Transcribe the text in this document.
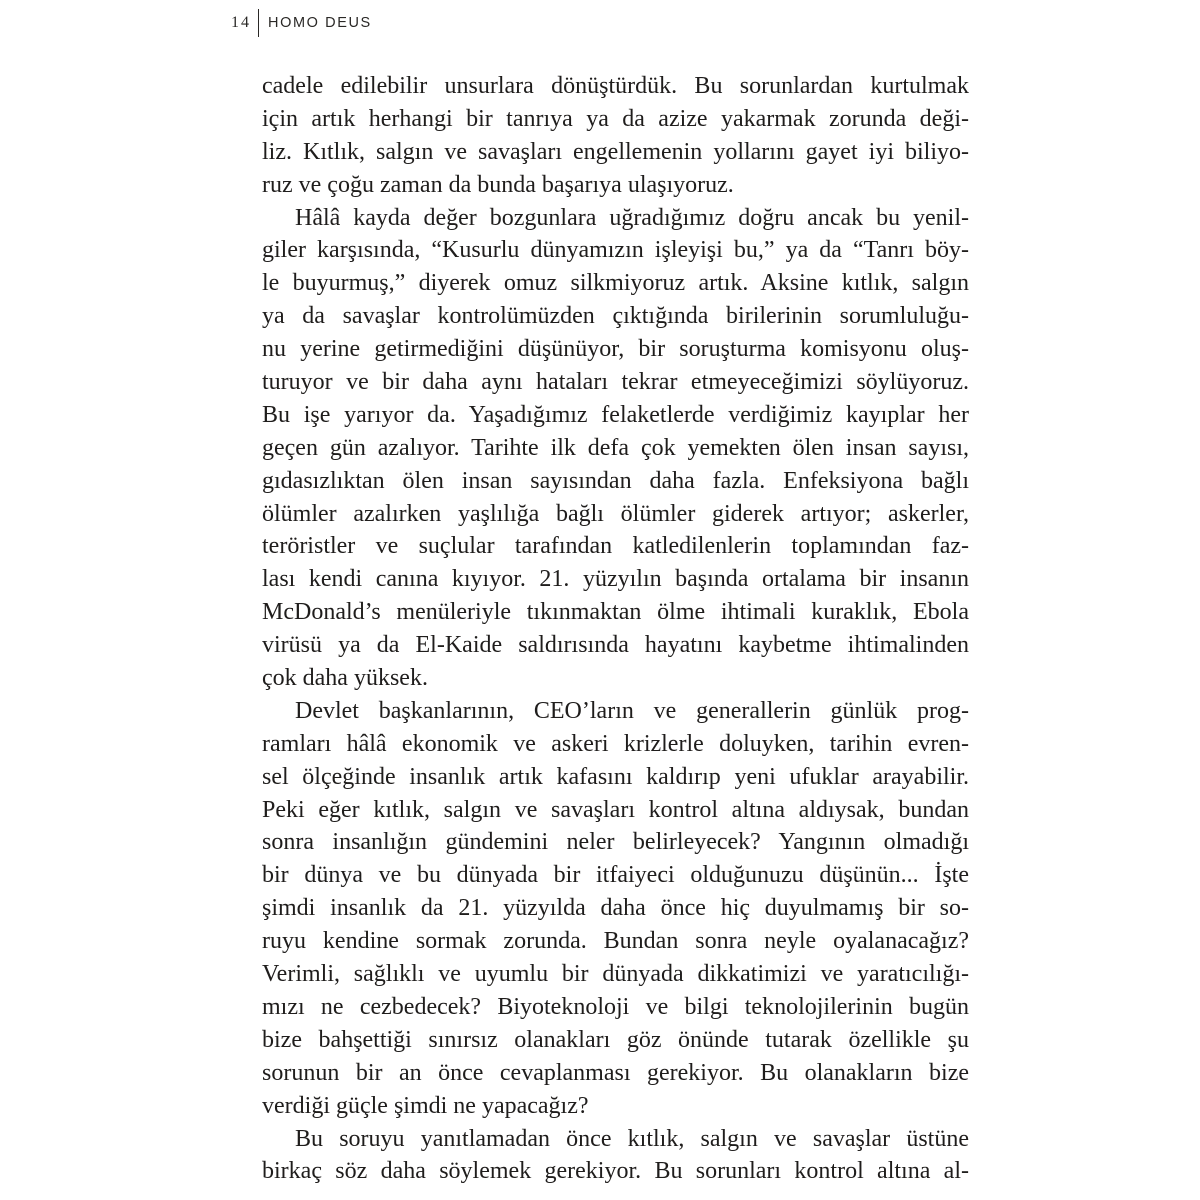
14 HOMO DEUS
cadele edilebilir unsurlara dönüştürdük. Bu sorunlardan kurtulmak
için artık herhangi bir tanrıya ya da azize yakarmak zorunda deği-
liz. Kıtlık, salgın ve savaşları engellemenin yollarını gayet iyi biliyo-
ruz ve çoğu zaman da bunda başarıya ulaşıyoruz.
Hâlâ kayda değer bozgunlara uğradığımız doğru ancak bu yenil-
giler karşısında, “Kusurlu dünyamızın işleyişi bu,” ya da “Tanrı böy-
le buyurmuş,” diyerek omuz silkmiyoruz artık. Aksine kıtlık, salgın
ya da savaşlar kontrolümüzden çıktığında birilerinin sorumluluğu-
nu yerine getirmediğini düşünüyor, bir soruşturma komisyonu oluş-
turuyor ve bir daha aynı hataları tekrar etmeyeceğimizi söylüyoruz.
Bu işe yarıyor da. Yaşadığımız felaketlerde verdiğimiz kayıplar her
geçen gün azalıyor. Tarihte ilk defa çok yemekten ölen insan sayısı,
gıdasızlıktan ölen insan sayısından daha fazla. Enfeksiyona bağlı
ölümler azalırken yaşlılığa bağlı ölümler giderek artıyor; askerler,
teröristler ve suçlular tarafından katledilenlerin toplamından faz-
lası kendi canına kıyıyor. 21. yüzyılın başında ortalama bir insanın
McDonald’s menüleriyle tıkınmaktan ölme ihtimali kuraklık, Ebola
virüsü ya da El-Kaide saldırısında hayatını kaybetme ihtimalinden
çok daha yüksek.
Devlet başkanlarının, CEO’ların ve generallerin günlük prog-
ramları hâlâ ekonomik ve askeri krizlerle doluyken, tarihin evren-
sel ölçeğinde insanlık artık kafasını kaldırıp yeni ufuklar arayabilir.
Peki eğer kıtlık, salgın ve savaşları kontrol altına aldıysak, bundan
sonra insanlığın gündemini neler belirleyecek? Yangının olmadığı
bir dünya ve bu dünyada bir itfaiyeci olduğunuzu düşünün... İşte
şimdi insanlık da 21. yüzyılda daha önce hiç duyulmamış bir so-
ruyu kendine sormak zorunda. Bundan sonra neyle oyalanacağız?
Verimli, sağlıklı ve uyumlu bir dünyada dikkatimizi ve yaratıcılığı-
mızı ne cezbedecek? Biyoteknoloji ve bilgi teknolojilerinin bugün
bize bahşettiği sınırsız olanakları göz önünde tutarak özellikle şu
sorunun bir an önce cevaplanması gerekiyor. Bu olanakların bize
verdiği güçle şimdi ne yapacağız?
Bu soruyu yanıtlamadan önce kıtlık, salgın ve savaşlar üstüne
birkaç söz daha söylemek gerekiyor. Bu sorunları kontrol altına al-
